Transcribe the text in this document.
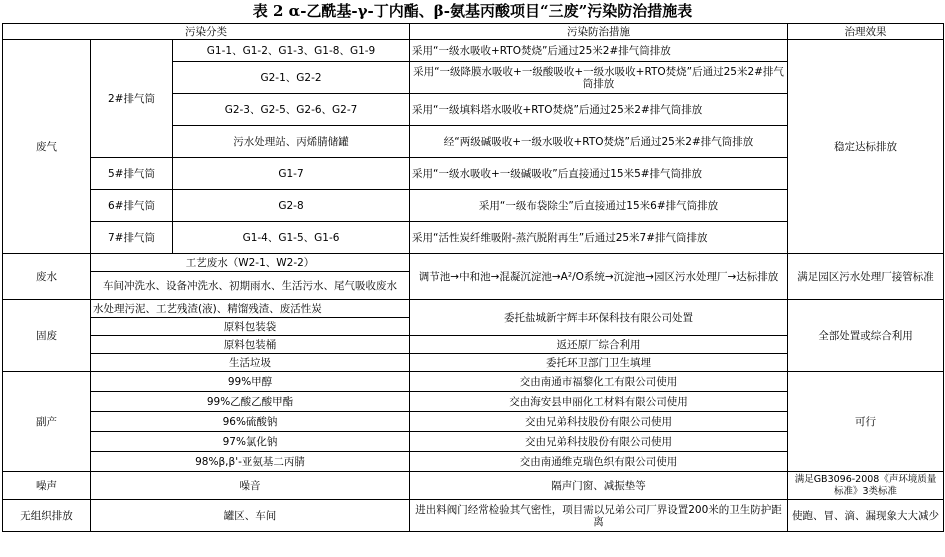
表 2 α-乙酰基-γ-丁内酯、β-氨基丙酸项目“三废”污染防治措施表
污染分类			污染防治措施	治理效果
废气	2#排气筒	G1-1、G1-2、G1-3、G1-8、G1-9	采用“一级水吸收+RTO焚烧”后通过25米2#排气筒排放	稳定达标排放
		G2-1、G2-2	采用“一级降膜水吸收+一级酸吸收+一级水吸收+RTO焚烧”后通过25米2#排气筒排放	
		G2-3、G2-5、G2-6、G2-7	采用“一级填料塔水吸收+RTO焚烧”后通过25米2#排气筒排放	
		污水处理站、丙烯腈储罐	经“两级碱吸收+一级水吸收+RTO焚烧”后通过25米2#排气筒排放	
	5#排气筒	G1-7	采用“一级水吸收+一级碱吸收”后直接通过15米5#排气筒排放	
	6#排气筒	G2-8	采用“一级布袋除尘”后直接通过15米6#排气筒排放	
	7#排气筒	G1-4、G1-5、G1-6	采用“活性炭纤维吸附-蒸汽脱附再生”后通过25米7#排气筒排放	
废水	工艺废水（W2-1、W2-2）		调节池→中和池→混凝沉淀池→A²/O系统→沉淀池→园区污水处理厂→达标排放	满足园区污水处理厂接管标准
	车间冲洗水、设备冲洗水、初期雨水、生活污水、尾气吸收废水			
固废	水处理污泥、工艺残渣(液)、精馏残渣、废活性炭		委托盐城新宇辉丰环保科技有限公司处置	全部处置或综合利用
	原料包装袋			
	原料包装桶		返还原厂综合利用	
	生活垃圾		委托环卫部门卫生填埋	
副产	99%甲醇		交由南通市福黎化工有限公司使用	可行
	99%乙酸乙酸甲酯		交由海安县申丽化工材料有限公司使用	
	96%硫酸钠		交由兄弟科技股份有限公司使用	
	97%氯化钠		交由兄弟科技股份有限公司使用	
	98%β,β'-亚氨基二丙腈		交由南通维克瑞色织有限公司使用	
噪声	噪音		隔声门窗、减振垫等	满足GB3096-2008《声环境质量标准》3类标准
无组织排放	罐区、车间		进出料阀门经常检验其气密性，项目需以兄弟公司厂界设置200米的卫生防护距离	使跑、冒、滴、漏现象大大减少
